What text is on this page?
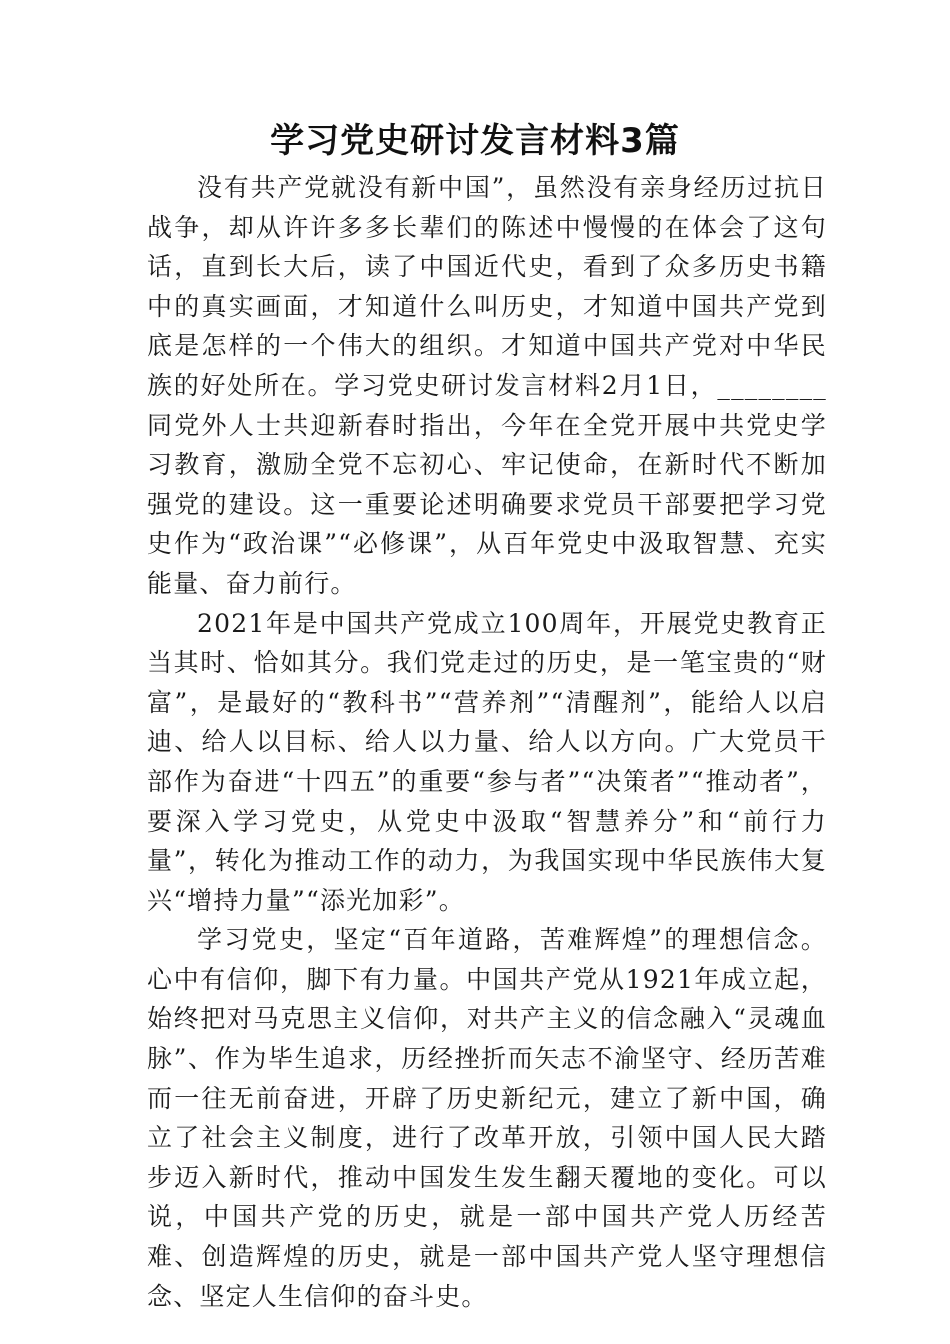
学习党史研讨发言材料3篇

没有共产党就没有新中国”，虽然没有亲身经历过抗日战争，却从许许多多长辈们的陈述中慢慢的在体会了这句话，直到长大后，读了中国近代史，看到了众多历史书籍中的真实画面，才知道什么叫历史，才知道中国共产党到底是怎样的一个伟大的组织。才知道中国共产党对中华民族的好处所在。学习党史研讨发言材料2月1日，________同党外人士共迎新春时指出，今年在全党开展中共党史学习教育，激励全党不忘初心、牢记使命，在新时代不断加强党的建设。这一重要论述明确要求党员干部要把学习党史作为“政治课”“必修课”，从百年党史中汲取智慧、充实能量、奋力前行。

2021年是中国共产党成立100周年，开展党史教育正当其时、恰如其分。我们党走过的历史，是一笔宝贵的“财富”，是最好的“教科书”“营养剂”“清醒剂”，能给人以启迪、给人以目标、给人以力量、给人以方向。广大党员干部作为奋进“十四五”的重要“参与者”“决策者”“推动者”，要深入学习党史，从党史中汲取“智慧养分”和“前行力量”，转化为推动工作的动力，为我国实现中华民族伟大复兴“增持力量”“添光加彩”。

学习党史，坚定“百年道路，苦难辉煌”的理想信念。心中有信仰，脚下有力量。中国共产党从1921年成立起，始终把对马克思主义信仰，对共产主义的信念融入“灵魂血脉”、作为毕生追求，历经挫折而矢志不渝坚守、经历苦难而一往无前奋进，开辟了历史新纪元，建立了新中国，确立了社会主义制度，进行了改革开放，引领中国人民大踏步迈入新时代，推动中国发生发生翻天覆地的变化。可以说，中国共产党的历史，就是一部中国共产党人历经苦难、创造辉煌的历史，就是一部中国共产党人坚守理想信念、坚定人生信仰的奋斗史。
